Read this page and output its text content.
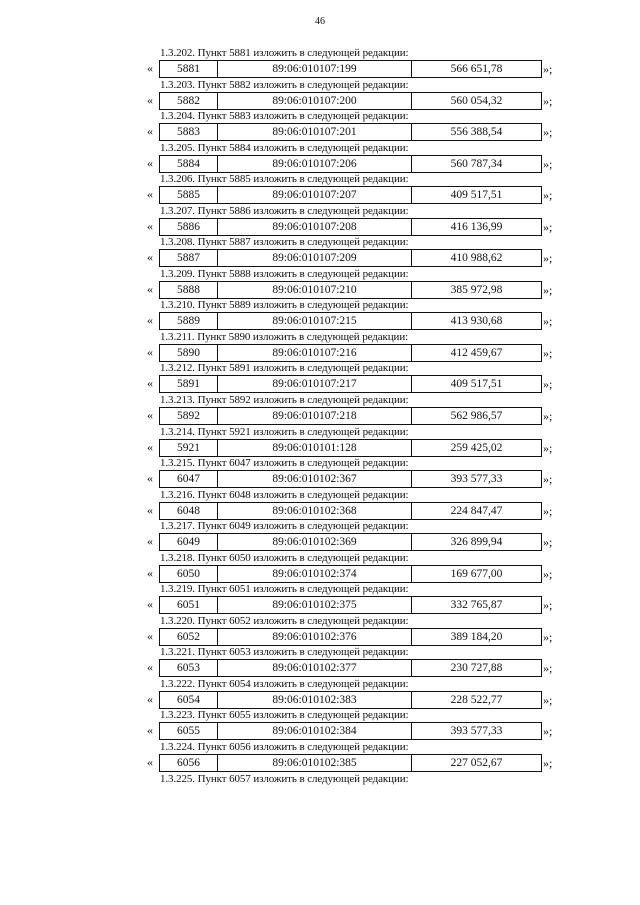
46
1.3.202. Пункт 5881 изложить в следующей редакции:
«	5881	89:06:010107:199	566 651,78	»;
1.3.203. Пункт 5882 изложить в следующей редакции:
«	5882	89:06:010107:200	560 054,32	»;
1.3.204. Пункт 5883 изложить в следующей редакции:
«	5883	89:06:010107:201	556 388,54	»;
1.3.205. Пункт 5884 изложить в следующей редакции:
«	5884	89:06:010107:206	560 787,34	»;
1.3.206. Пункт 5885 изложить в следующей редакции:
«	5885	89:06:010107:207	409 517,51	»;
1.3.207. Пункт 5886 изложить в следующей редакции:
«	5886	89:06:010107:208	416 136,99	»;
1.3.208. Пункт 5887 изложить в следующей редакции:
«	5887	89:06:010107:209	410 988,62	»;
1.3.209. Пункт 5888 изложить в следующей редакции:
«	5888	89:06:010107:210	385 972,98	»;
1.3.210. Пункт 5889 изложить в следующей редакции:
«	5889	89:06:010107:215	413 930,68	»;
1.3.211. Пункт 5890 изложить в следующей редакции:
«	5890	89:06:010107:216	412 459,67	»;
1.3.212. Пункт 5891 изложить в следующей редакции:
«	5891	89:06:010107:217	409 517,51	»;
1.3.213. Пункт 5892 изложить в следующей редакции:
«	5892	89:06:010107:218	562 986,57	»;
1.3.214. Пункт 5921 изложить в следующей редакции:
«	5921	89:06:010101:128	259 425,02	»;
1.3.215. Пункт 6047 изложить в следующей редакции:
«	6047	89:06:010102:367	393 577,33	»;
1.3.216. Пункт 6048 изложить в следующей редакции:
«	6048	89:06:010102:368	224 847,47	»;
1.3.217. Пункт 6049 изложить в следующей редакции:
«	6049	89:06:010102:369	326 899,94	»;
1.3.218. Пункт 6050 изложить в следующей редакции:
«	6050	89:06:010102:374	169 677,00	»;
1.3.219. Пункт 6051 изложить в следующей редакции:
«	6051	89:06:010102:375	332 765,87	»;
1.3.220. Пункт 6052 изложить в следующей редакции:
«	6052	89:06:010102:376	389 184,20	»;
1.3.221. Пункт 6053 изложить в следующей редакции:
«	6053	89:06:010102:377	230 727,88	»;
1.3.222. Пункт 6054 изложить в следующей редакции:
«	6054	89:06:010102:383	228 522,77	»;
1.3.223. Пункт 6055 изложить в следующей редакции:
«	6055	89:06:010102:384	393 577,33	»;
1.3.224. Пункт 6056 изложить в следующей редакции:
«	6056	89:06:010102:385	227 052,67	»;
1.3.225. Пункт 6057 изложить в следующей редакции:
